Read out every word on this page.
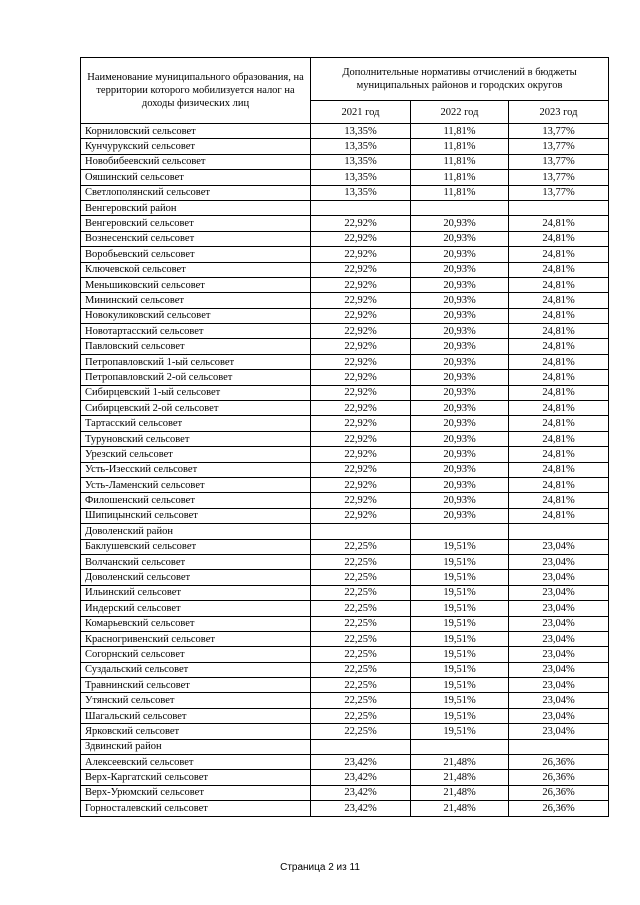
Наименование муниципального образования, на территории которого мобилизуется налог на доходы физических лиц	Дополнительные нормативы отчислений в бюджеты муниципальных районов и городских округов		
	2021 год	2022 год	2023 год
Корниловский сельсовет	13,35%	11,81%	13,77%
Кунчурукский сельсовет	13,35%	11,81%	13,77%
Новобибеевский сельсовет	13,35%	11,81%	13,77%
Ояшинский сельсовет	13,35%	11,81%	13,77%
Светлополянский сельсовет	13,35%	11,81%	13,77%
Венгеровский район			
Венгеровский сельсовет	22,92%	20,93%	24,81%
Вознесенский сельсовет	22,92%	20,93%	24,81%
Воробьевский сельсовет	22,92%	20,93%	24,81%
Ключевской сельсовет	22,92%	20,93%	24,81%
Меньшиковский сельсовет	22,92%	20,93%	24,81%
Мининский сельсовет	22,92%	20,93%	24,81%
Новокуликовский сельсовет	22,92%	20,93%	24,81%
Новотартасский сельсовет	22,92%	20,93%	24,81%
Павловский сельсовет	22,92%	20,93%	24,81%
Петропавловский 1-ый сельсовет	22,92%	20,93%	24,81%
Петропавловский 2-ой сельсовет	22,92%	20,93%	24,81%
Сибирцевский 1-ый сельсовет	22,92%	20,93%	24,81%
Сибирцевский 2-ой сельсовет	22,92%	20,93%	24,81%
Тартасский сельсовет	22,92%	20,93%	24,81%
Туруновский сельсовет	22,92%	20,93%	24,81%
Урезский сельсовет	22,92%	20,93%	24,81%
Усть-Изесский сельсовет	22,92%	20,93%	24,81%
Усть-Ламенский сельсовет	22,92%	20,93%	24,81%
Филошенский сельсовет	22,92%	20,93%	24,81%
Шипицынский сельсовет	22,92%	20,93%	24,81%
Доволенский район			
Баклушевский сельсовет	22,25%	19,51%	23,04%
Волчанский сельсовет	22,25%	19,51%	23,04%
Доволенский сельсовет	22,25%	19,51%	23,04%
Ильинский сельсовет	22,25%	19,51%	23,04%
Индерский сельсовет	22,25%	19,51%	23,04%
Комарьевский сельсовет	22,25%	19,51%	23,04%
Красногривенский сельсовет	22,25%	19,51%	23,04%
Согорнский сельсовет	22,25%	19,51%	23,04%
Суздальский сельсовет	22,25%	19,51%	23,04%
Травнинский сельсовет	22,25%	19,51%	23,04%
Утянский сельсовет	22,25%	19,51%	23,04%
Шагальский сельсовет	22,25%	19,51%	23,04%
Ярковский сельсовет	22,25%	19,51%	23,04%
Здвинский район			
Алексеевский сельсовет	23,42%	21,48%	26,36%
Верх-Каргатский сельсовет	23,42%	21,48%	26,36%
Верх-Урюмский сельсовет	23,42%	21,48%	26,36%
Горносталевский сельсовет	23,42%	21,48%	26,36%
Страница 2 из 11
